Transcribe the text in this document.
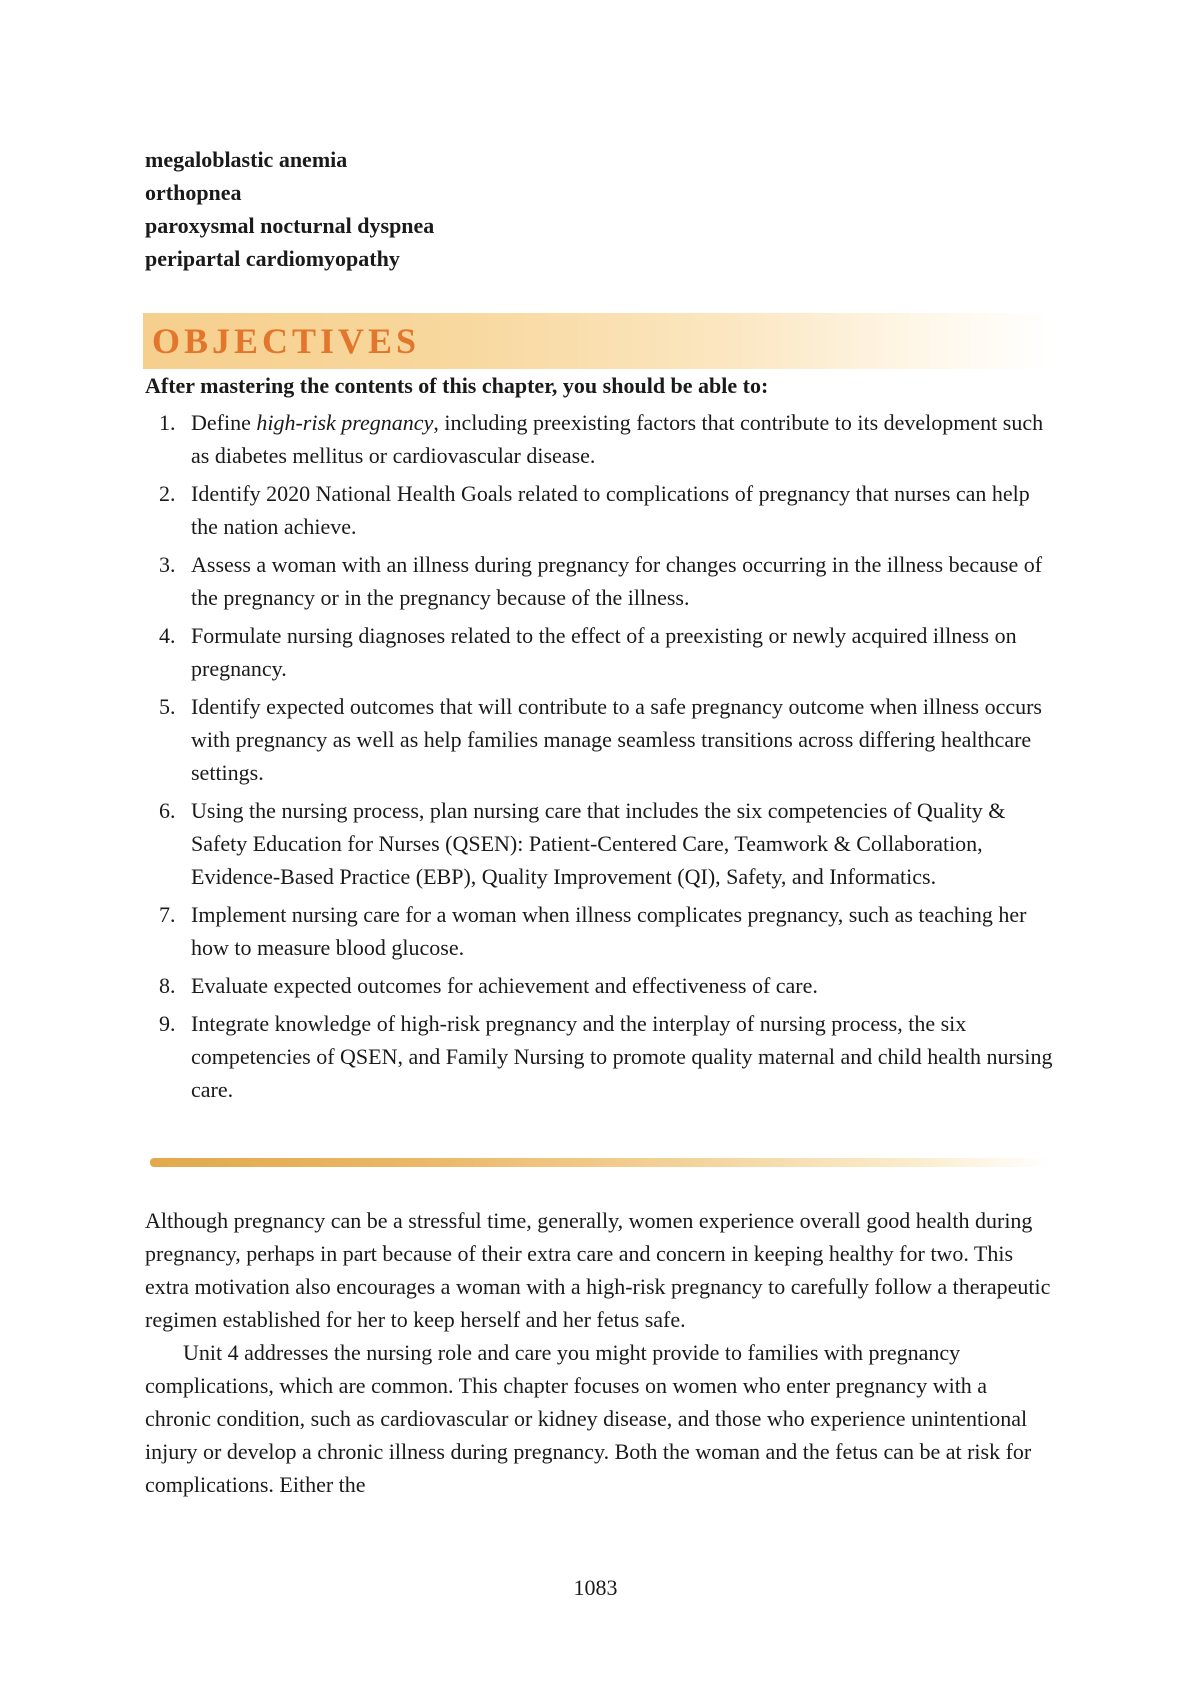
megaloblastic anemia
orthopnea
paroxysmal nocturnal dyspnea
peripartal cardiomyopathy
OBJECTIVES
After mastering the contents of this chapter, you should be able to:
1. Define high-risk pregnancy, including preexisting factors that contribute to its development such as diabetes mellitus or cardiovascular disease.
2. Identify 2020 National Health Goals related to complications of pregnancy that nurses can help the nation achieve.
3. Assess a woman with an illness during pregnancy for changes occurring in the illness because of the pregnancy or in the pregnancy because of the illness.
4. Formulate nursing diagnoses related to the effect of a preexisting or newly acquired illness on pregnancy.
5. Identify expected outcomes that will contribute to a safe pregnancy outcome when illness occurs with pregnancy as well as help families manage seamless transitions across differing healthcare settings.
6. Using the nursing process, plan nursing care that includes the six competencies of Quality & Safety Education for Nurses (QSEN): Patient-Centered Care, Teamwork & Collaboration, Evidence-Based Practice (EBP), Quality Improvement (QI), Safety, and Informatics.
7. Implement nursing care for a woman when illness complicates pregnancy, such as teaching her how to measure blood glucose.
8. Evaluate expected outcomes for achievement and effectiveness of care.
9. Integrate knowledge of high-risk pregnancy and the interplay of nursing process, the six competencies of QSEN, and Family Nursing to promote quality maternal and child health nursing care.

Although pregnancy can be a stressful time, generally, women experience overall good health during pregnancy, perhaps in part because of their extra care and concern in keeping healthy for two. This extra motivation also encourages a woman with a high-risk pregnancy to carefully follow a therapeutic regimen established for her to keep herself and her fetus safe.

Unit 4 addresses the nursing role and care you might provide to families with pregnancy complications, which are common. This chapter focuses on women who enter pregnancy with a chronic condition, such as cardiovascular or kidney disease, and those who experience unintentional injury or develop a chronic illness during pregnancy. Both the woman and the fetus can be at risk for complications. Either the

1083
